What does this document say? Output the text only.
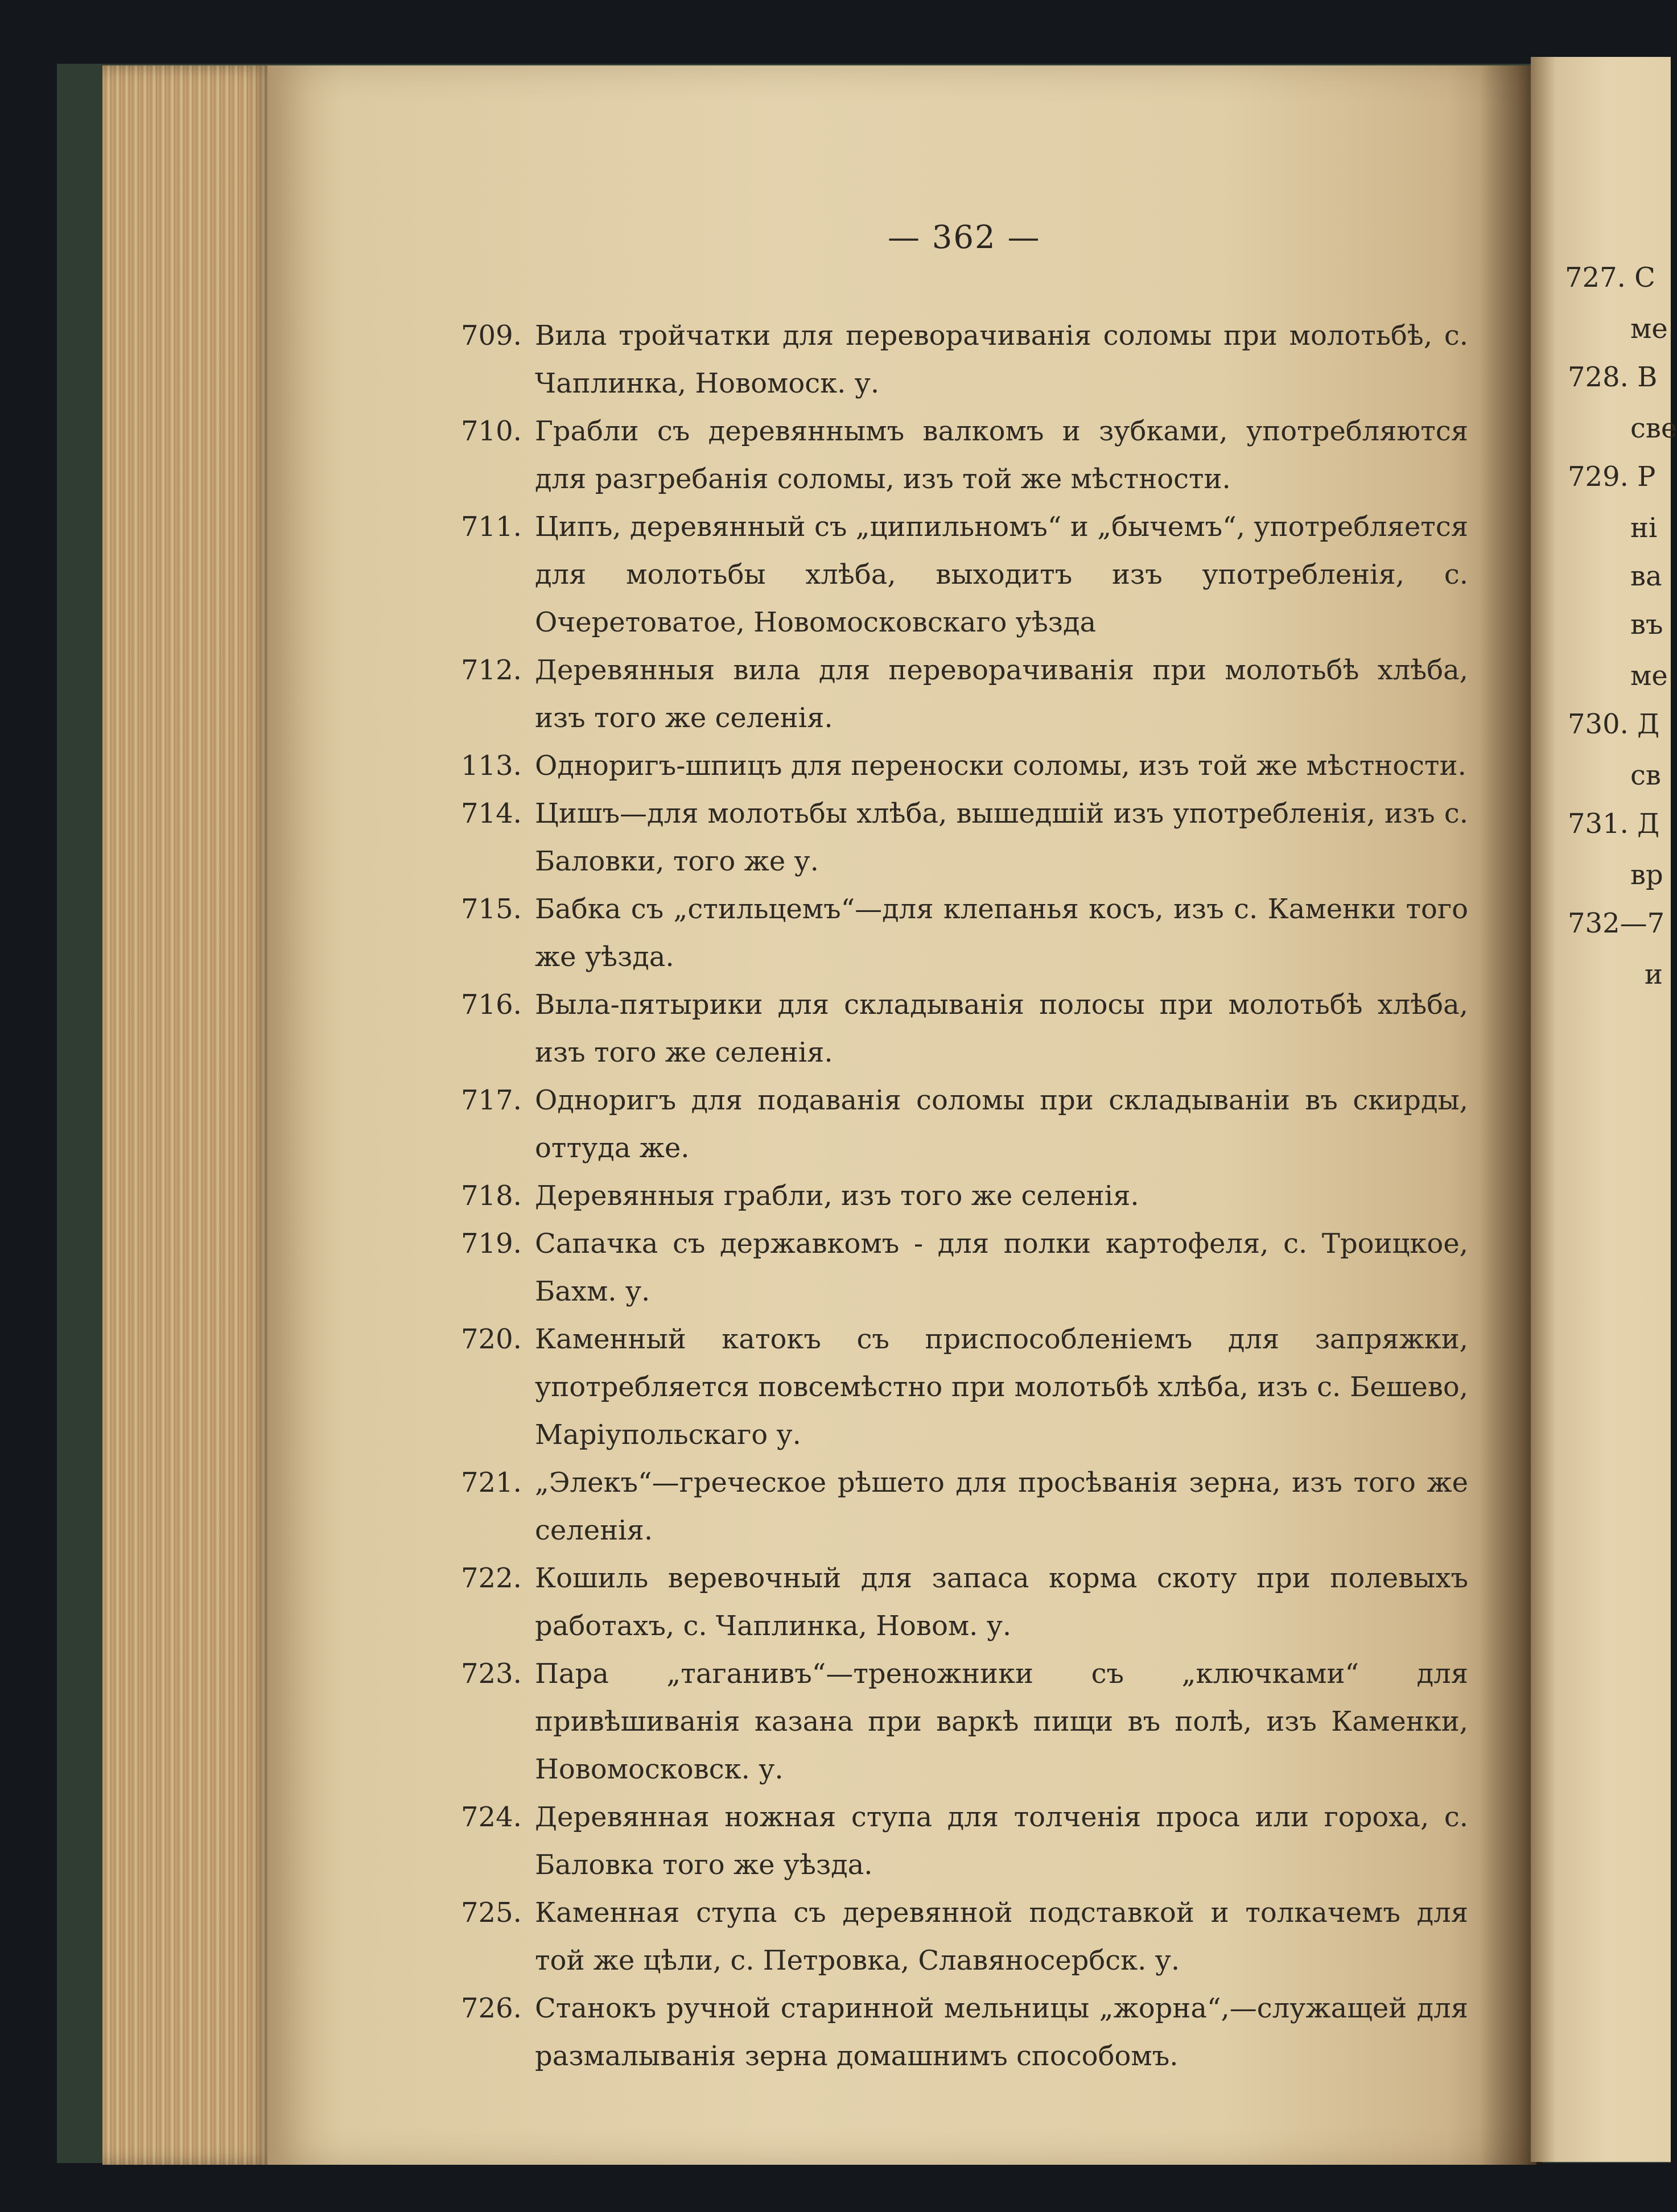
— 362 —
709. Вила тройчатки для переворачиванія соломы при молотьбѣ, с. Чаплинка, Новомоск. у.
710. Грабли съ деревяннымъ валкомъ и зубками, употребляются для разгребанія соломы, изъ той же мѣстности.
711. Ципъ, деревянный съ „ципильномъ“ и „бычемъ“, употребляется для молотьбы хлѣба, выходитъ изъ употребленія, с. Очеретоватое, Новомосковскаго уѣзда
712. Деревянныя вила для переворачиванія при молотьбѣ хлѣба, изъ того же селенія.
113. Одноригъ-шпицъ для переноски соломы, изъ той же мѣстности.
714. Цишъ—для молотьбы хлѣба, вышедшій изъ употребленія, изъ с. Баловки, того же у.
715. Бабка съ „стильцемъ“—для клепанья косъ, изъ с. Каменки того же уѣзда.
716. Выла-пятырики для складыванія полосы при молотьбѣ хлѣба, изъ того же селенія.
717. Одноригъ для подаванія соломы при складываніи въ скирды, оттуда же.
718. Деревянныя грабли, изъ того же селенія.
719. Сапачка съ державкомъ - для полки картофеля, с. Троицкое, Бахм. у.
720. Каменный катокъ съ приспособленіемъ для запряжки, употребляется повсемѣстно при молотьбѣ хлѣба, изъ с. Бешево, Маріупольскаго у.
721. „Элекъ“—греческое рѣшето для просѣванія зерна, изъ того же селенія.
722. Кошиль веревочный для запаса корма скоту при полевыхъ работахъ, с. Чаплинка, Новом. у.
723. Пара „таганивъ“—треножники съ „ключками“ для привѣшиванія казана при варкѣ пищи въ полѣ, изъ Каменки, Новомосковск. у.
724. Деревянная ножная ступа для толченія проса или гороха, с. Баловка того же уѣзда.
725. Каменная ступа съ деревянной подставкой и толкачемъ для той же цѣли, с. Петровка, Славяносербск. у.
726. Станокъ ручной старинной мельницы „жорна“,—служащей для размалыванія зерна домашнимъ способомъ.
727. С
ме
728. В
све
729. Р
ні
ва
въ
ме
730. Д
св
731. Д
вр
732—7
и
